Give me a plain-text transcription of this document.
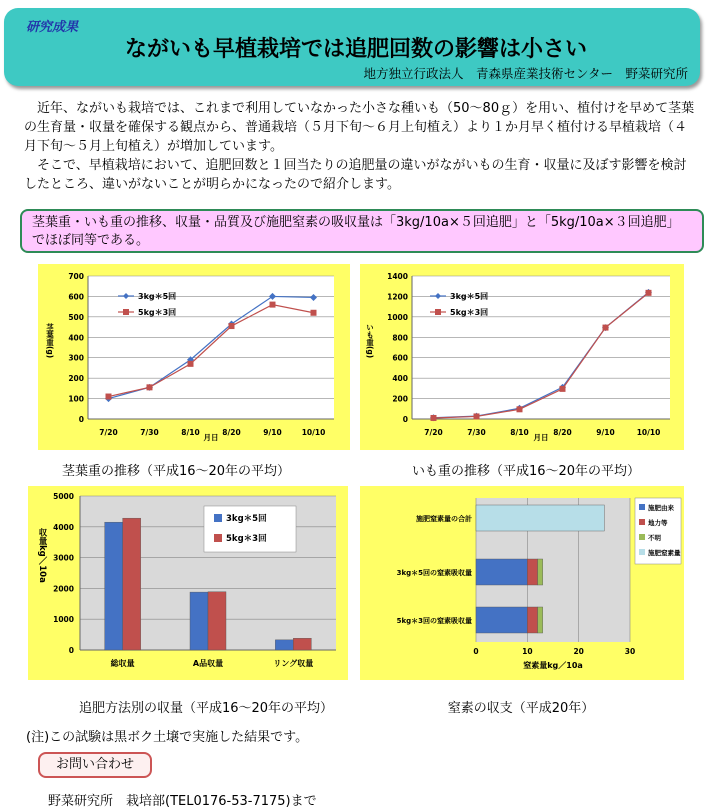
研究成果
ながいも早植栽培では追肥回数の影響は小さい
地方独立行政法人　青森県産業技術センター　野菜研究所

近年、ながいも栽培では、これまで利用していなかった小さな種いも（50～80ｇ）を用い、植付けを早めて茎葉の生育量・収量を確保する観点から、普通栽培（５月下旬～６月上旬植え）より１か月早く植付ける早植栽培（４月下旬～５月上旬植え）が増加しています。

そこで、早植栽培において、追肥回数と１回当たりの追肥量の違いがながいもの生育・収量に及ぼす影響を検討したところ、違いがないことが明らかになったので紹介します。

茎葉重・いも重の推移、収量・品質及び施肥窒素の吸収量は「3kg/10a×５回追肥」と「5kg/10a×３回追肥」でほぼ同等である。
0
100
200
300
400
500
600
700
7/20	7/30	8/10	8/20	9/10	10/10
月日
茎葉重(g)
3kg＊5回
5kg＊3回
茎葉重の推移（平成16～20年の平均）
0
200
400
600
800
1000
1200
1400
7/20	7/30	8/10	8/20	9/10	10/10
月日
いも重(g)
3kg＊5回
5kg＊3回
いも重の推移（平成16～20年の平均）
0
1000
2000
3000
4000
5000
総収量	A品収量	リング収量
収量kg／10a
3kg＊5回
5kg＊3回
追肥方法別の収量（平成16～20年の平均）
0	10	20	30
施肥窒素量の合計
3kg＊5回の窒素吸収量
5kg＊3回の窒素吸収量
窒素量kg／10a
施肥由来
地力等
不明
施肥窒素量
窒素の収支（平成20年）
(注)この試験は黒ボク土壌で実施した結果です。
お問い合わせ
野菜研究所　栽培部(TEL0176-53-7175)まで
